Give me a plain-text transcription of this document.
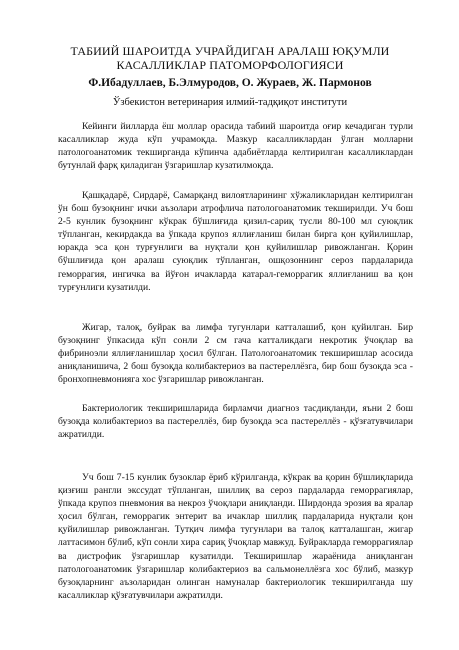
ТАБИИЙ ШАРОИТДА УЧРАЙДИГАН АРАЛАШ ЮҚУМЛИ
КАСАЛЛИКЛАР ПАТОМОРФОЛОГИЯСИ
Ф.Ибадуллаев, Б.Элмуродов, О. Жураев, Ж. Пармонов
Ўзбекистон ветеринария илмий-тадқиқот институти

Кейинги йилларда ёш моллар орасида табиий шароитда оғир кечадиган турли касалликлар жуда кўп учрамоқда. Мазкур касалликлардан ўлган молларни патологоанатомик текширганда кўпинча адабиётларда келтирилган касалликлардан бутунлай фарқ қиладиган ўзгаришлар кузатилмоқда.

Қашқадарё, Сирдарё, Самарқанд вилоятларининг хўжаликларидан келтирилган ўн бош бузоқнинг ички аъзолари атрофлича патологоанатомик текширилди. Уч бош 2-5 кунлик бузоқнинг кўкрак бўшлиғида қизил-сариқ тусли 80-100 мл суюқлик тўпланган, кекирдакда ва ўпкада крупоз яллиғланиш билан бирга қон қуйилишлар, юракда эса қон турғунлиги ва нуқтали қон қуйилишлар ривожланган. Қорин бўшлиғида қон аралаш суюқлик тўпланган, ошқозоннинг сероз пардаларида геморрагия, ингичка ва йўғон ичакларда катарал-геморрагик яллиғланиш ва қон турғунлиги кузатилди.

Жигар, талоқ, буйрак ва лимфа тугунлари катталашиб, қон қуйилган. Бир бузоқнинг ўпкасида кўп сонли 2 см гача катталикдаги некротик ўчоқлар ва фибриноэли яллиғланишлар ҳосил бўлган. Патологоанатомик текширишлар асосида аниқланишича, 2 бош бузоқда колибактериоз ва пастереллёзга, бир бош бузоқда эса - бронхопневмонияга хос ўзгаришлар ривожланган.

Бактериологик текширишларида бирламчи диагноз тасдиқланди, яъни 2 бош бузоқда колибактериоз ва пастереллёз, бир бузоқда эса пастереллёз - қўзғатувчилари ажратилди.

Уч бош 7-15 кунлик бузоклар ёриб кўрилганда, кўкрак ва қорин бўшлиқларида қизғиш рангли экссудат тўпланган, шиллиқ ва сероз пардаларда геморрагиялар, ўпкада крупоз пневмония ва некроз ўчоқлари аниқланди. Ширдонда эрозия ва яралар ҳосил бўлган, геморрагик энтерит ва ичаклар шиллиқ пардаларида нуқтали қон қуйилишлар ривожланган. Тутқич лимфа тугунлари ва талоқ катталашган, жигар латтасимон бўлиб, кўп сонли хира сариқ ўчоқлар мавжуд. Буйракларда геморрагиялар ва дистрофик ўзгаришлар кузатилди. Текширишлар жараёнида аниқланган патологоанатомик ўзгаришлар колибактериоз ва сальмонеллёзга хос бўлиб, мазкур бузоқларнинг аъзоларидан олинган намуналар бактериологик текширилганда шу касалликлар қўзғатувчилари ажратилди.
